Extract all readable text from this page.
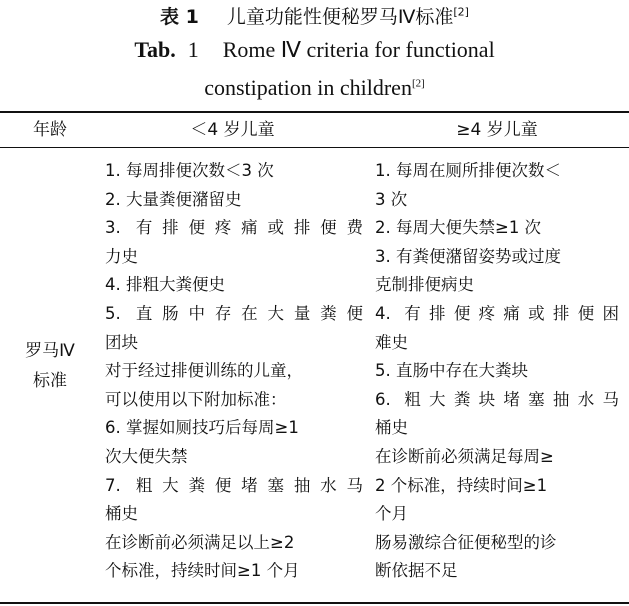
表 1 儿童功能性便秘罗马Ⅳ标准[2]
Tab. 1 Rome Ⅳ criteria for functional
constipation in children[2]
年龄	＜4 岁儿童	≥4 岁儿童
罗马Ⅳ
标准
1. 每周排便次数＜3 次
2. 大量粪便潴留史
3. 有排便疼痛或排便费
力史
4. 排粗大粪便史
5. 直肠中存在大量粪便
团块
对于经过排便训练的儿童，
可以使用以下附加标准：
6. 掌握如厕技巧后每周≥1
次大便失禁
7. 粗大粪便堵塞抽水马
桶史
在诊断前必须满足以上≥2
个标准，持续时间≥1 个月
1. 每周在厕所排便次数＜
3 次
2. 每周大便失禁≥1 次
3. 有粪便潴留姿势或过度
克制排便病史
4. 有排便疼痛或排便困
难史
5. 直肠中存在大粪块
6. 粗大粪块堵塞抽水马
桶史
在诊断前必须满足每周≥
2 个标准，持续时间≥1
个月
肠易激综合征便秘型的诊
断依据不足
